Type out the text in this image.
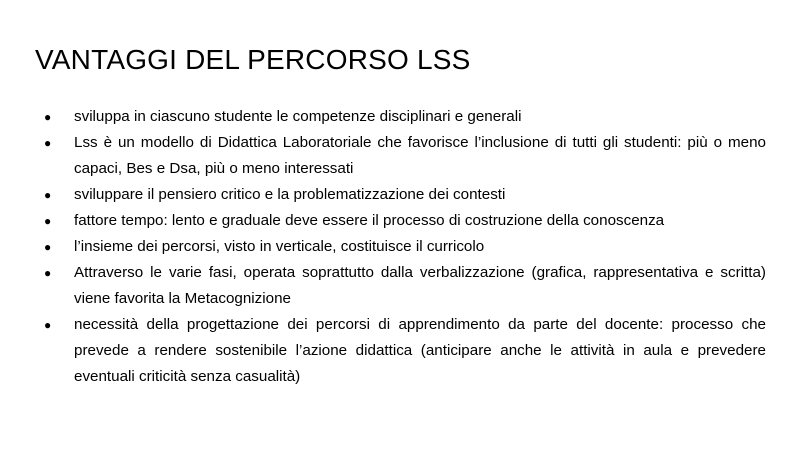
VANTAGGI DEL PERCORSO LSS
●	sviluppa in ciascuno studente le competenze disciplinari e generali
●	Lss è un modello di Didattica Laboratoriale che favorisce l’inclusione di tutti gli studenti: più o meno capaci, Bes e Dsa, più o meno interessati
●	sviluppare il pensiero critico e la problematizzazione dei contesti
●	fattore tempo: lento e graduale deve essere il processo di costruzione della conoscenza
●	l’insieme dei percorsi, visto in verticale, costituisce il curricolo
●	Attraverso le varie fasi, operata soprattutto dalla verbalizzazione (grafica, rappresentativa e scritta) viene favorita la Metacognizione
●	necessità della progettazione dei percorsi di apprendimento da parte del docente: processo che prevede a rendere sostenibile l’azione didattica (anticipare anche le attività in aula e prevedere eventuali criticità senza casualità)
